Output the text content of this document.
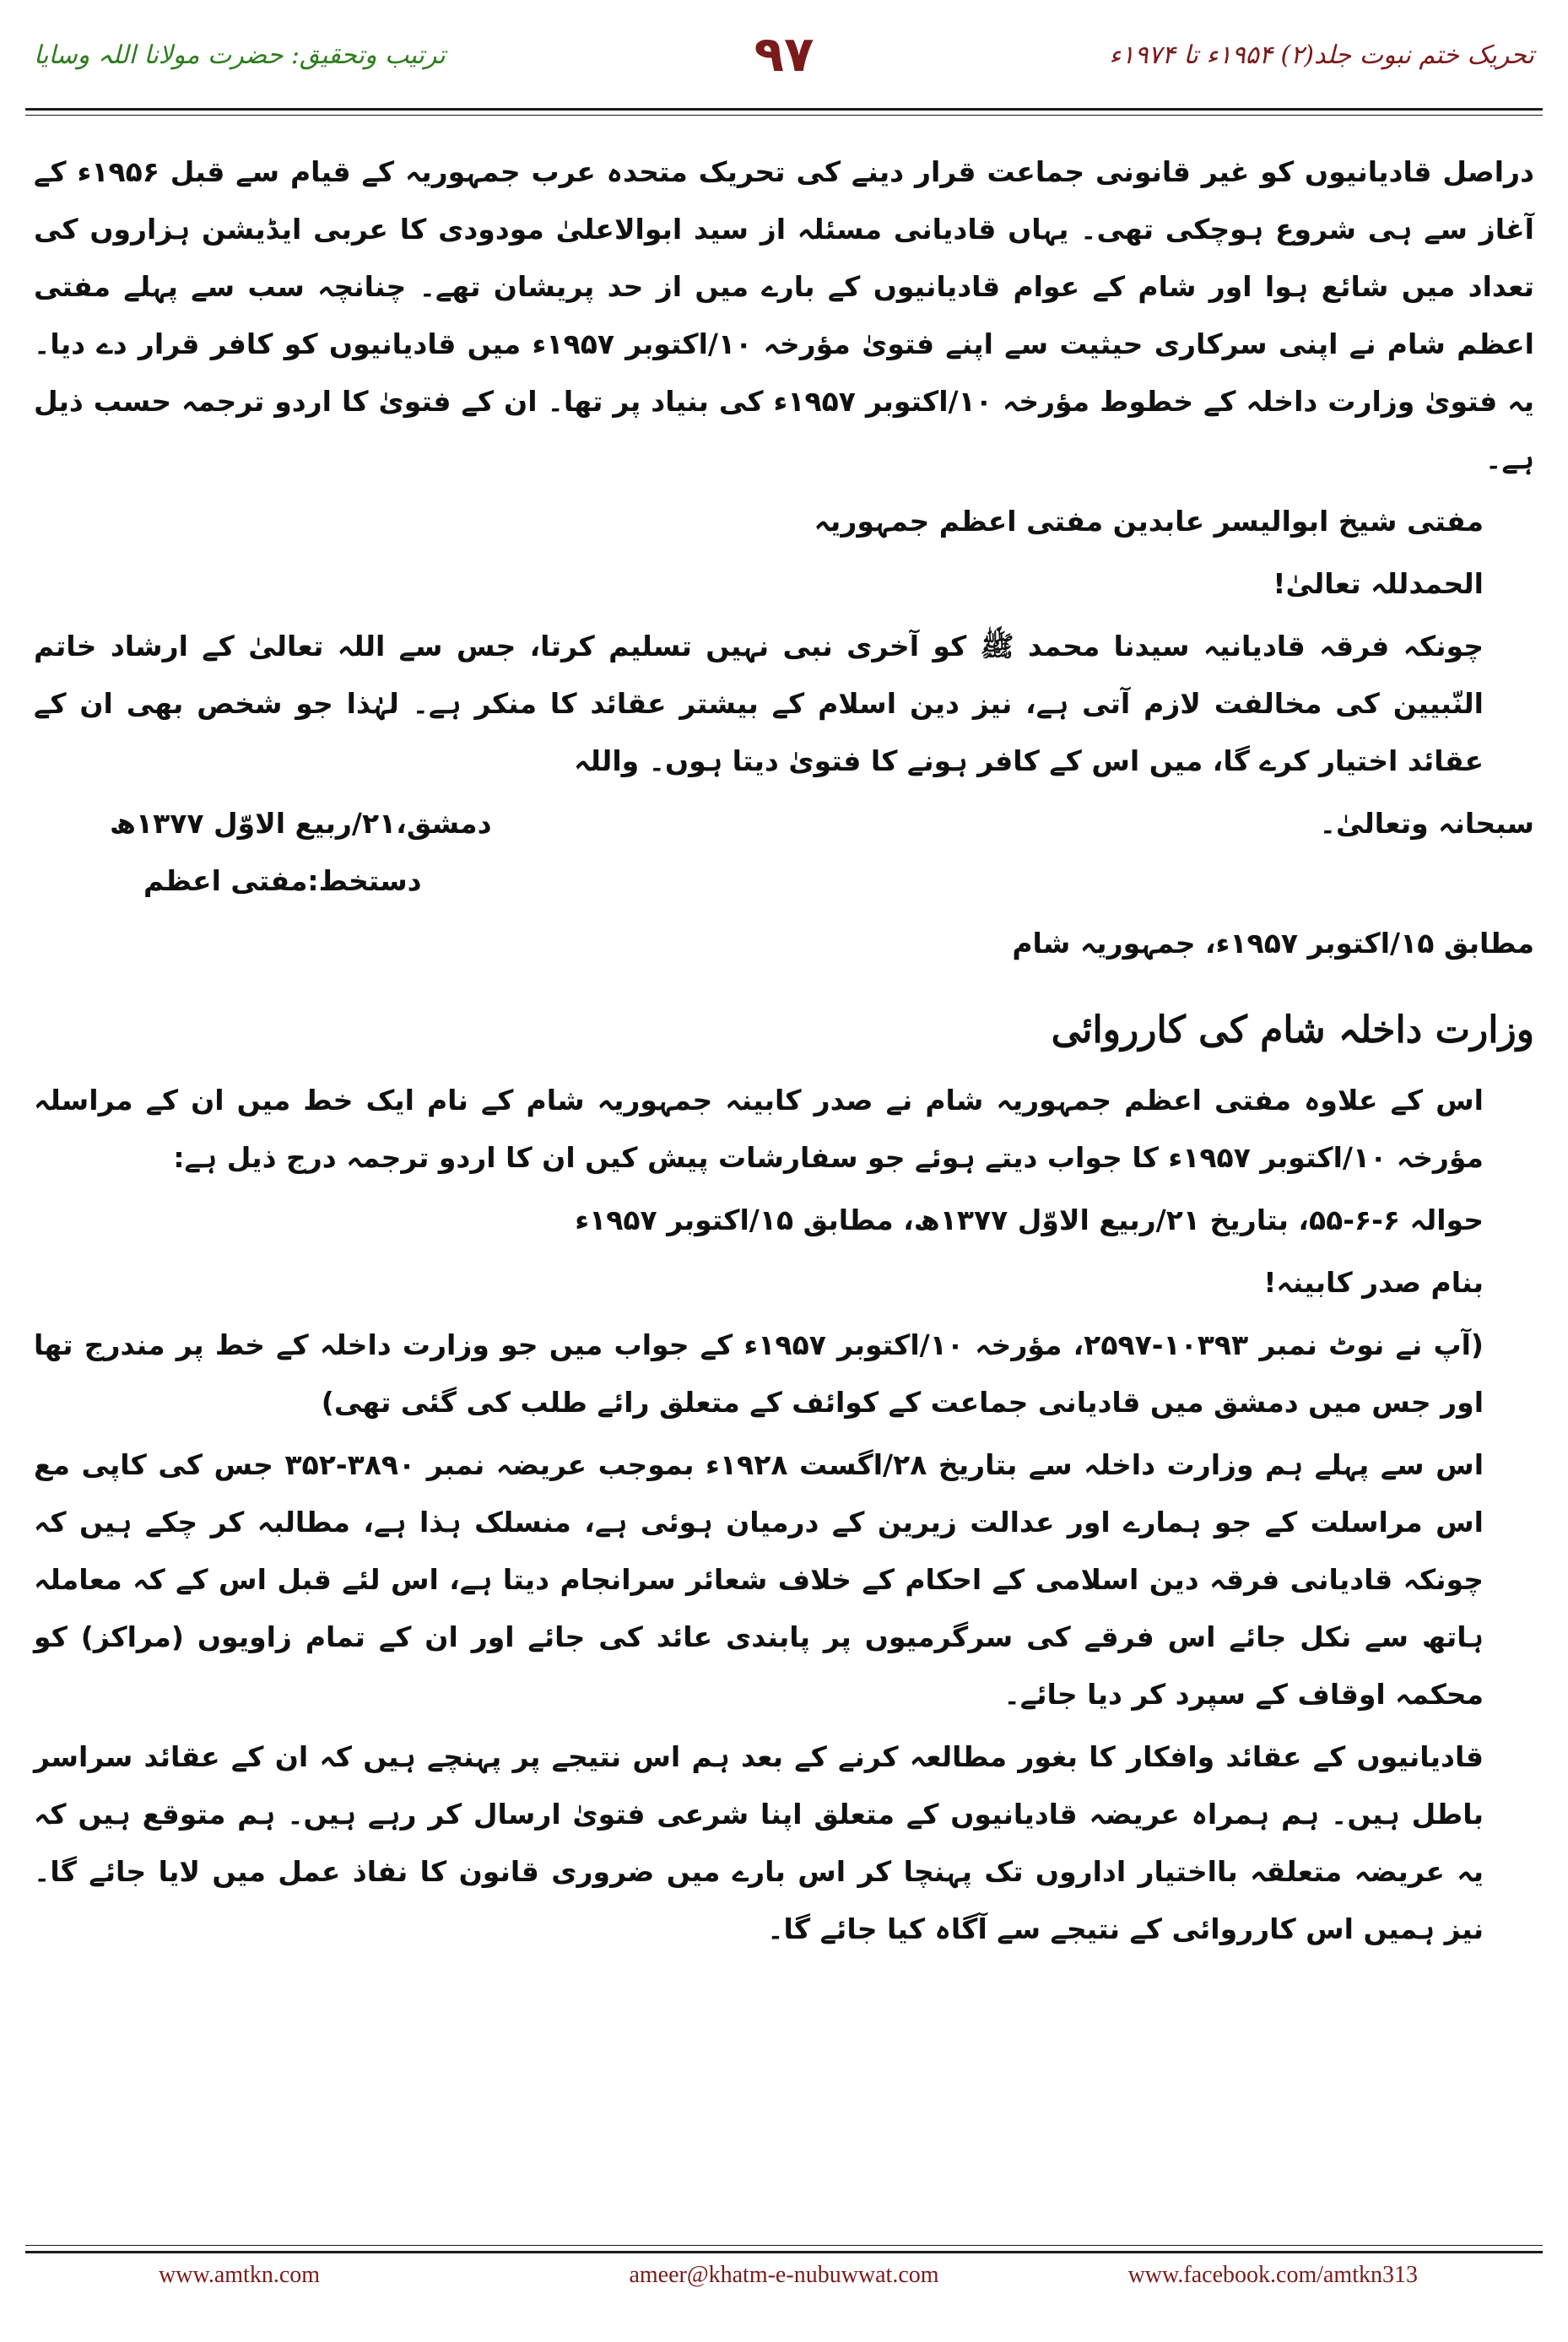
ترتیب وتحقیق: حضرت مولانا اللہ وسایا	۹۷	تحریک ختم نبوت جلد(۲) ۱۹۵۴ء تا ۱۹۷۴ء

دراصل قادیانیوں کو غیر قانونی جماعت قرار دینے کی تحریک متحدہ عرب جمہوریہ کے قیام سے قبل ۱۹۵۶ء کے آغاز سے ہی شروع ہوچکی تھی۔ یہاں قادیانی مسئلہ از سید ابوالاعلیٰ مودودی کا عربی ایڈیشن ہزاروں کی تعداد میں شائع ہوا اور شام کے عوام قادیانیوں کے بارے میں از حد پریشان تھے۔ چنانچہ سب سے پہلے مفتی اعظم شام نے اپنی سرکاری حیثیت سے اپنے فتویٰ مؤرخہ ۱۰/اکتوبر ۱۹۵۷ء میں قادیانیوں کو کافر قرار دے دیا۔ یہ فتویٰ وزارت داخلہ کے خطوط مؤرخہ ۱۰/اکتوبر ۱۹۵۷ء کی بنیاد پر تھا۔ ان کے فتویٰ کا اردو ترجمہ حسب ذیل ہے۔

مفتی شیخ ابوالیسر عابدین مفتی اعظم جمہوریہ

الحمدللہ تعالیٰ!

چونکہ فرقہ قادیانیہ سیدنا محمد ﷺ کو آخری نبی نہیں تسلیم کرتا، جس سے اللہ تعالیٰ کے ارشاد خاتم النّبیین کی مخالفت لازم آتی ہے، نیز دین اسلام کے بیشتر عقائد کا منکر ہے۔ لہٰذا جو شخص بھی ان کے عقائد اختیار کرے گا، میں اس کے کافر ہونے کا فتویٰ دیتا ہوں۔ واللہ

سبحانہ وتعالیٰ۔
دمشق،۲۱/ربیع الاوّل ۱۳۷۷ھ

دستخط:مفتی اعظم

مطابق ۱۵/اکتوبر ۱۹۵۷ء، جمہوریہ شام

وزارت داخلہ شام کی کارروائی

اس کے علاوہ مفتی اعظم جمہوریہ شام نے صدر کابینہ جمہوریہ شام کے نام ایک خط میں ان کے مراسلہ مؤرخہ ۱۰/اکتوبر ۱۹۵۷ء کا جواب دیتے ہوئے جو سفارشات پیش کیں ان کا اردو ترجمہ درج ذیل ہے:

حوالہ ۶-۶-۵۵، بتاریخ ۲۱/ربیع الاوّل ۱۳۷۷ھ، مطابق ۱۵/اکتوبر ۱۹۵۷ء

بنام صدر کابینہ!

(آپ نے نوٹ نمبر ۱۰۳۹۳-۲۵۹۷، مؤرخہ ۱۰/اکتوبر ۱۹۵۷ء کے جواب میں جو وزارت داخلہ کے خط پر مندرج تھا اور جس میں دمشق میں قادیانی جماعت کے کوائف کے متعلق رائے طلب کی گئی تھی)

اس سے پہلے ہم وزارت داخلہ سے بتاریخ ۲۸/اگست ۱۹۲۸ء بموجب عریضہ نمبر ۳۸۹۰-۳۵۲ جس کی کاپی مع اس مراسلت کے جو ہمارے اور عدالت زیرین کے درمیان ہوئی ہے، منسلک ہذا ہے، مطالبہ کر چکے ہیں کہ چونکہ قادیانی فرقہ دین اسلامی کے احکام کے خلاف شعائر سرانجام دیتا ہے، اس لئے قبل اس کے کہ معاملہ ہاتھ سے نکل جائے اس فرقے کی سرگرمیوں پر پابندی عائد کی جائے اور ان کے تمام زاویوں (مراکز) کو محکمہ اوقاف کے سپرد کر دیا جائے۔

قادیانیوں کے عقائد وافکار کا بغور مطالعہ کرنے کے بعد ہم اس نتیجے پر پہنچے ہیں کہ ان کے عقائد سراسر باطل ہیں۔ ہم ہمراہ عریضہ قادیانیوں کے متعلق اپنا شرعی فتویٰ ارسال کر رہے ہیں۔ ہم متوقع ہیں کہ یہ عریضہ متعلقہ بااختیار اداروں تک پہنچا کر اس بارے میں ضروری قانون کا نفاذ عمل میں لایا جائے گا۔ نیز ہمیں اس کارروائی کے نتیجے سے آگاہ کیا جائے گا۔

www.amtkn.com	ameer@khatm-e-nubuwwat.com	www.facebook.com/amtkn313
